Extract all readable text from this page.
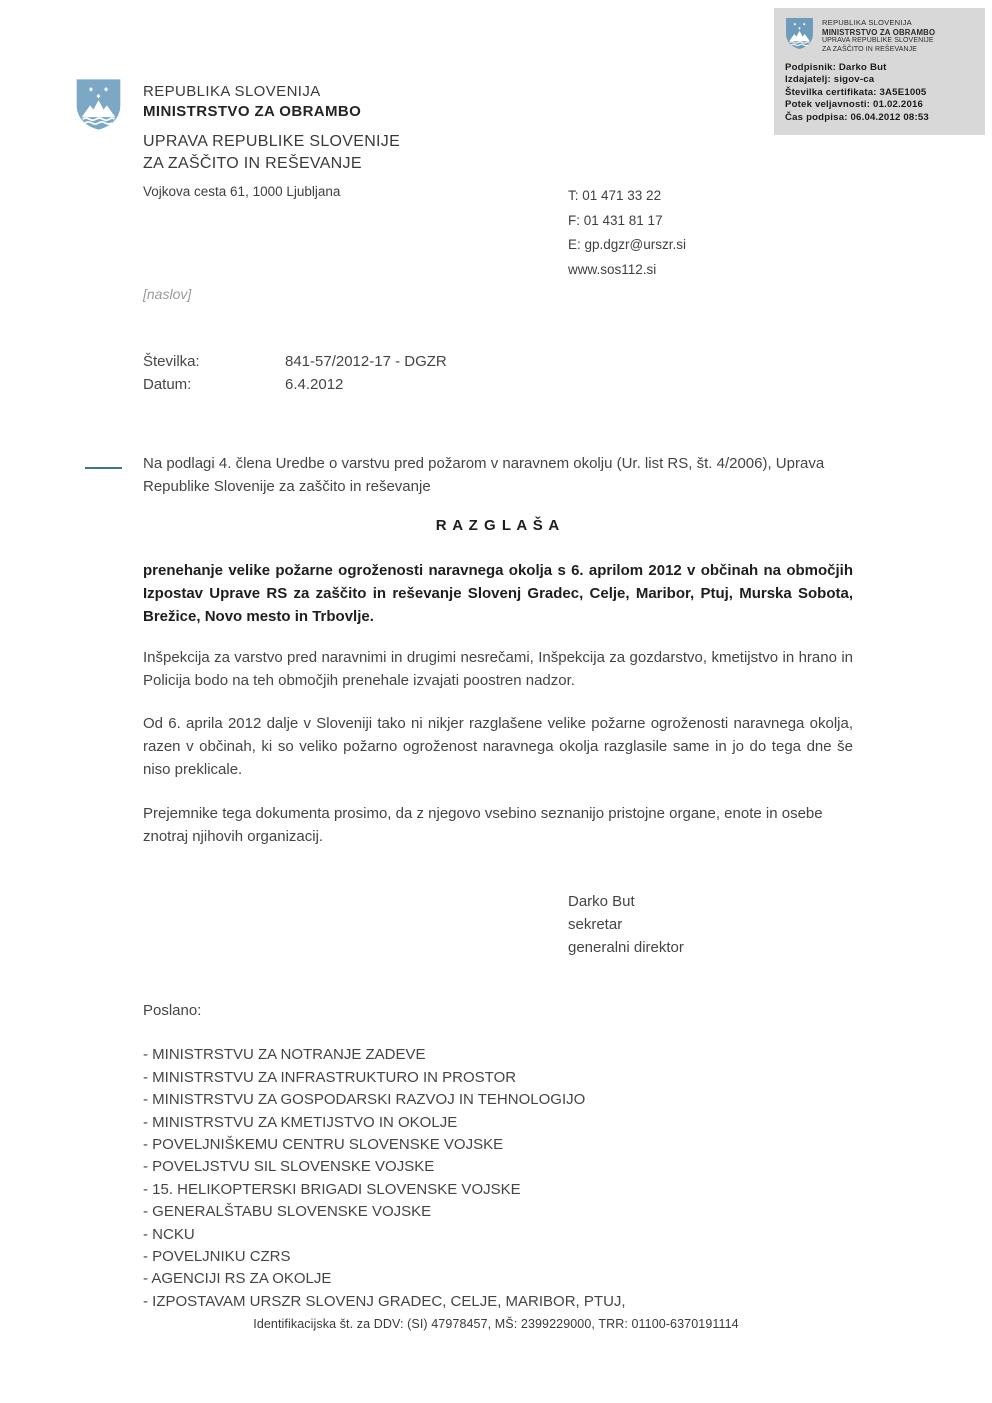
REPUBLIKA SLOVENIJA
MINISTRSTVO ZA OBRAMBO
UPRAVA REPUBLIKE SLOVENIJE
ZA ZAŠČITO IN REŠEVANJE
Podpisnik: Darko But
Izdajatelj: sigov-ca
Številka certifikata: 3A5E1005
Potek veljavnosti: 01.02.2016
Čas podpisa: 06.04.2012 08:53
REPUBLIKA SLOVENIJA
MINISTRSTVO ZA OBRAMBO
UPRAVA REPUBLIKE SLOVENIJE
ZA ZAŠČITO IN REŠEVANJE
Vojkova cesta 61, 1000 Ljubljana	T: 01 471 33 22
F: 01 431 81 17
E: gp.dgzr@urszr.si
www.sos112.si
[naslov]
Številka:	841-57/2012-17 - DGZR
Datum:	6.4.2012

Na podlagi 4. člena Uredbe o varstvu pred požarom v naravnem okolju (Ur. list RS, št. 4/2006), Uprava Republike Slovenije za zaščito in reševanje

R A Z G L A Š A

prenehanje velike požarne ogroženosti naravnega okolja s 6. aprilom 2012 v občinah na območjih Izpostav Uprave RS za zaščito in reševanje Slovenj Gradec, Celje, Maribor, Ptuj, Murska Sobota, Brežice, Novo mesto in Trbovlje.

Inšpekcija za varstvo pred naravnimi in drugimi nesrečami, Inšpekcija za gozdarstvo, kmetijstvo in hrano in Policija bodo na teh območjih prenehale izvajati poostren nadzor.

Od 6. aprila 2012 dalje v Sloveniji tako ni nikjer razglašene velike požarne ogroženosti naravnega okolja, razen v občinah, ki so veliko požarno ogroženost naravnega okolja razglasile same in jo do tega dne še niso preklicale.

Prejemnike tega dokumenta prosimo, da z njegovo vsebino seznanijo pristojne organe, enote in osebe znotraj njihovih organizacij.

Darko But
sekretar
generalni direktor
Poslano:
- MINISTRSTVU ZA NOTRANJE ZADEVE
- MINISTRSTVU ZA INFRASTRUKTURO IN PROSTOR
- MINISTRSTVU ZA GOSPODARSKI RAZVOJ IN TEHNOLOGIJO
- MINISTRSTVU ZA KMETIJSTVO IN OKOLJE
- POVELJNIŠKEMU CENTRU SLOVENSKE VOJSKE
- POVELJSTVU SIL SLOVENSKE VOJSKE
- 15. HELIKOPTERSKI BRIGADI SLOVENSKE VOJSKE
- GENERALŠTABU SLOVENSKE VOJSKE
- NCKU
- POVELJNIKU CZRS
- AGENCIJI RS ZA OKOLJE
- IZPOSTAVAM URSZR SLOVENJ GRADEC, CELJE, MARIBOR, PTUJ,
Identifikacijska št. za DDV: (SI) 47978457, MŠ: 2399229000, TRR: 01100-6370191114
